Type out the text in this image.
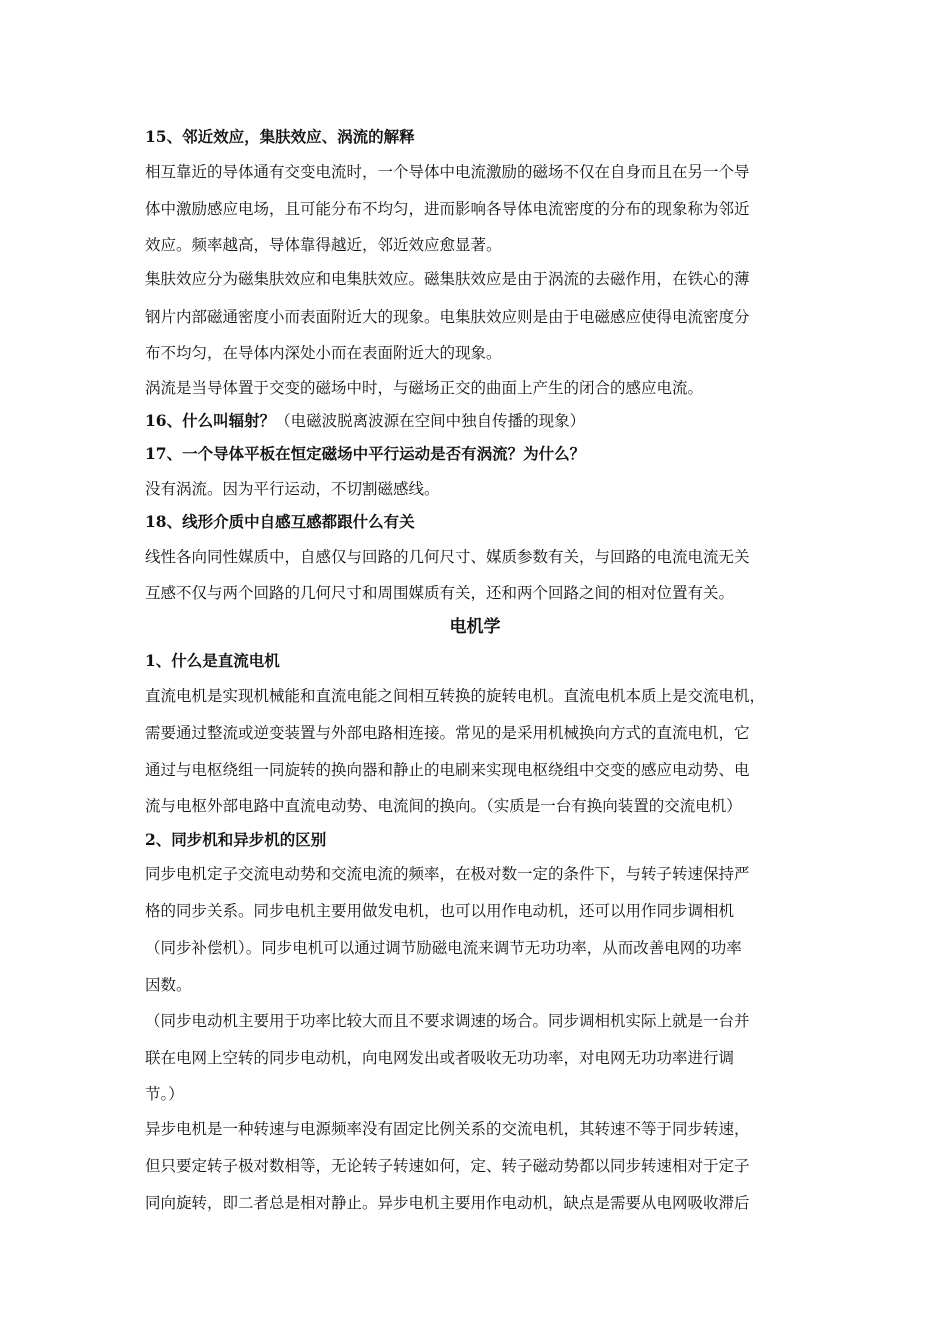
15、邻近效应，集肤效应、涡流的解释
相互靠近的导体通有交变电流时，一个导体中电流激励的磁场不仅在自身而且在另一个导
体中激励感应电场，且可能分布不均匀，进而影响各导体电流密度的分布的现象称为邻近
效应。频率越高，导体靠得越近，邻近效应愈显著。
集肤效应分为磁集肤效应和电集肤效应。磁集肤效应是由于涡流的去磁作用，在铁心的薄
钢片内部磁通密度小而表面附近大的现象。电集肤效应则是由于电磁感应使得电流密度分
布不均匀，在导体内深处小而在表面附近大的现象。
涡流是当导体置于交变的磁场中时，与磁场正交的曲面上产生的闭合的感应电流。
16、什么叫辐射？（电磁波脱离波源在空间中独自传播的现象）
17、一个导体平板在恒定磁场中平行运动是否有涡流？为什么？
没有涡流。因为平行运动，不切割磁感线。
18、线形介质中自感互感都跟什么有关
线性各向同性媒质中，自感仅与回路的几何尺寸、媒质参数有关，与回路的电流电流无关
互感不仅与两个回路的几何尺寸和周围媒质有关，还和两个回路之间的相对位置有关。
电机学
1、什么是直流电机
直流电机是实现机械能和直流电能之间相互转换的旋转电机。直流电机本质上是交流电机，
需要通过整流或逆变装置与外部电路相连接。常见的是采用机械换向方式的直流电机，它
通过与电枢绕组一同旋转的换向器和静止的电刷来实现电枢绕组中交变的感应电动势、电
流与电枢外部电路中直流电动势、电流间的换向。（实质是一台有换向装置的交流电机）
2、同步机和异步机的区别
同步电机定子交流电动势和交流电流的频率，在极对数一定的条件下，与转子转速保持严
格的同步关系。同步电机主要用做发电机，也可以用作电动机，还可以用作同步调相机
（同步补偿机）。同步电机可以通过调节励磁电流来调节无功功率，从而改善电网的功率
因数。
（同步电动机主要用于功率比较大而且不要求调速的场合。同步调相机实际上就是一台并
联在电网上空转的同步电动机，向电网发出或者吸收无功功率，对电网无功功率进行调
节。）
异步电机是一种转速与电源频率没有固定比例关系的交流电机，其转速不等于同步转速，
但只要定转子极对数相等，无论转子转速如何，定、转子磁动势都以同步转速相对于定子
同向旋转，即二者总是相对静止。异步电机主要用作电动机，缺点是需要从电网吸收滞后
